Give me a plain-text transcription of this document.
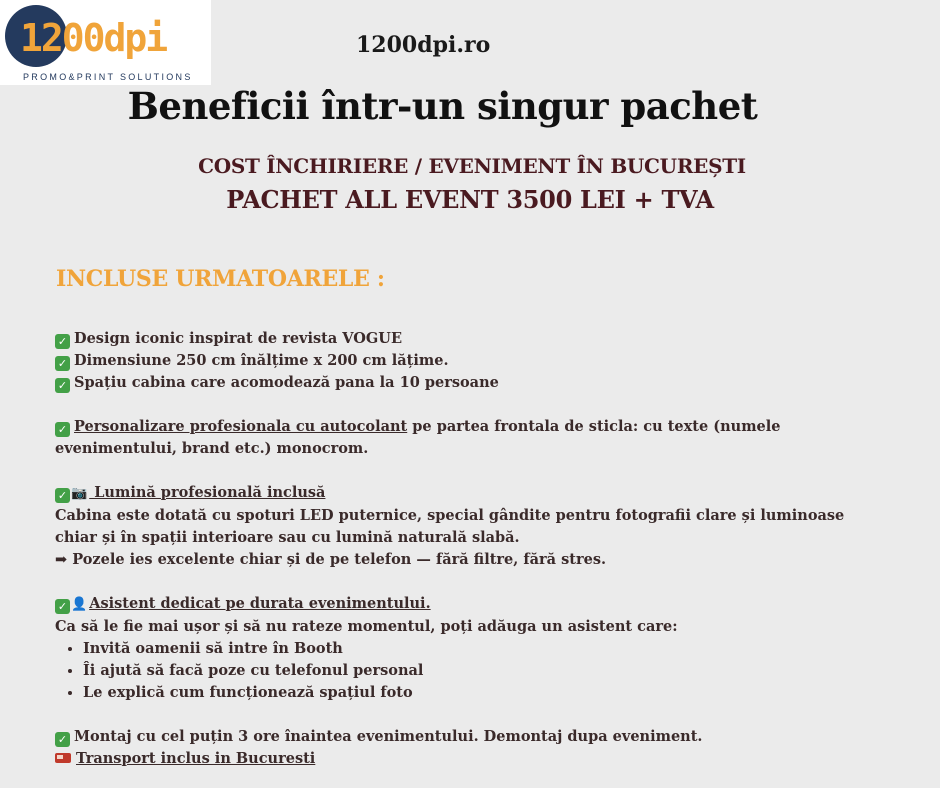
1200dpi
PROMO&PRINT SOLUTIONS
1200dpi.ro
Beneficii într-un singur pachet
COST ÎNCHIRIERE / EVENIMENT ÎN BUCUREȘTI
PACHET ALL EVENT 3500 LEI + TVA
INCLUSE URMATOARELE :
✓ Design iconic inspirat de revista VOGUE
✓ Dimensiune 250 cm înălțime x 200 cm lățime.
✓ Spațiu cabina care acomodează pana la 10 persoane
✓ Personalizare profesionala cu autocolant pe partea frontala de sticla: cu texte (numele evenimentului, brand etc.) monocrom.
✓ 📷 Lumină profesională inclusă
Cabina este dotată cu spoturi LED puternice, special gândite pentru fotografii clare și luminoase chiar și în spații interioare sau cu lumină naturală slabă.
➡ Pozele ies excelente chiar și de pe telefon — fără filtre, fără stres.
✓ 👤 Asistent dedicat pe durata evenimentului.
Ca să le fie mai ușor și să nu rateze momentul, poți adăuga un asistent care:
• Invită oamenii să intre în Booth
• Îi ajută să facă poze cu telefonul personal
• Le explică cum funcționează spațiul foto
✓ Montaj cu cel puțin 3 ore înaintea evenimentului. Demontaj dupa eveniment.
Transport inclus in Bucuresti
